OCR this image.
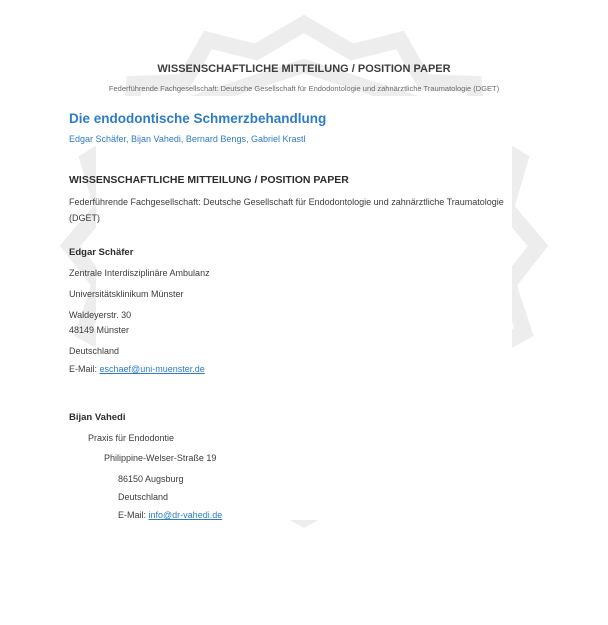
WISSENSCHAFTLICHE MITTEILUNG / POSITION PAPER
Federführende Fachgesellschaft: Deutsche Gesellschaft für Endodontologie und zahnärztliche Traumatologie (DGET)
Die endodontische Schmerzbehandlung
Edgar Schäfer, Bijan Vahedi, Bernard Bengs, Gabriel Krastl
WISSENSCHAFTLICHE MITTEILUNG / POSITION PAPER
Federführende Fachgesellschaft: Deutsche Gesellschaft für Endodontologie und zahnärztliche Traumatologie
(DGET)
Edgar Schäfer
Zentrale Interdisziplinäre Ambulanz
Universitätsklinikum Münster
Waldeyerstr. 30
48149 Münster
Deutschland
E-Mail: eschaef@uni-muenster.de
Bijan Vahedi
Praxis für Endodontie
Philippine-Welser-Straße 19
86150 Augsburg
Deutschland
E-Mail: info@dr-vahedi.de
